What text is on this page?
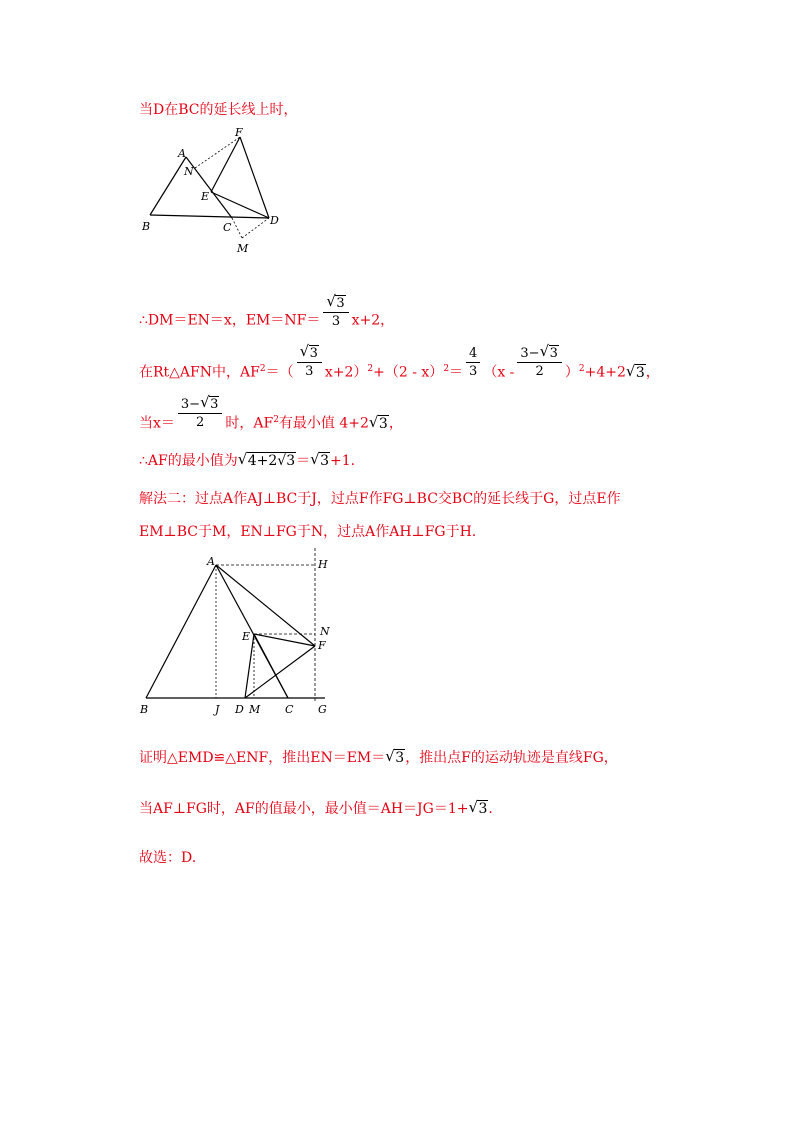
当D在BC的延长线上时，
A
F
N
E
B	C
D
M
∴DM＝EN＝x，$EM=NF= \frac{√ 3}{3} x+2$，
在Rt△AFN中，$AF^2=( \frac{√ 3}{3} x+2)^2+(2 - x)^2= \frac{4}{3} (x - \frac{3- √ 3}{2} )^2+4+2$ √ 3，
当$x= \frac{3- √ 3}{2}$ 时，$AF^2$有最小值 4+2 √ 3，
∴AF的最小值为 √ 4+2√3＝ √ 3+1.
解法二：过点A作AJ⊥BC于J，过点F作FG⊥BC交BC的延长线于G，过点E作
EM⊥BC于M，EN⊥FG于N，过点A作AH⊥FG于H.
A	H
E	N
F
B	J D M C G
证明△EMD≌△ENF，推出EN＝EM＝ √ 3，推出点F的运动轨迹是直线FG，
当AF⊥FG时，AF的值最小，最小值＝AH＝JG＝1+ √ 3.
故选：D.
